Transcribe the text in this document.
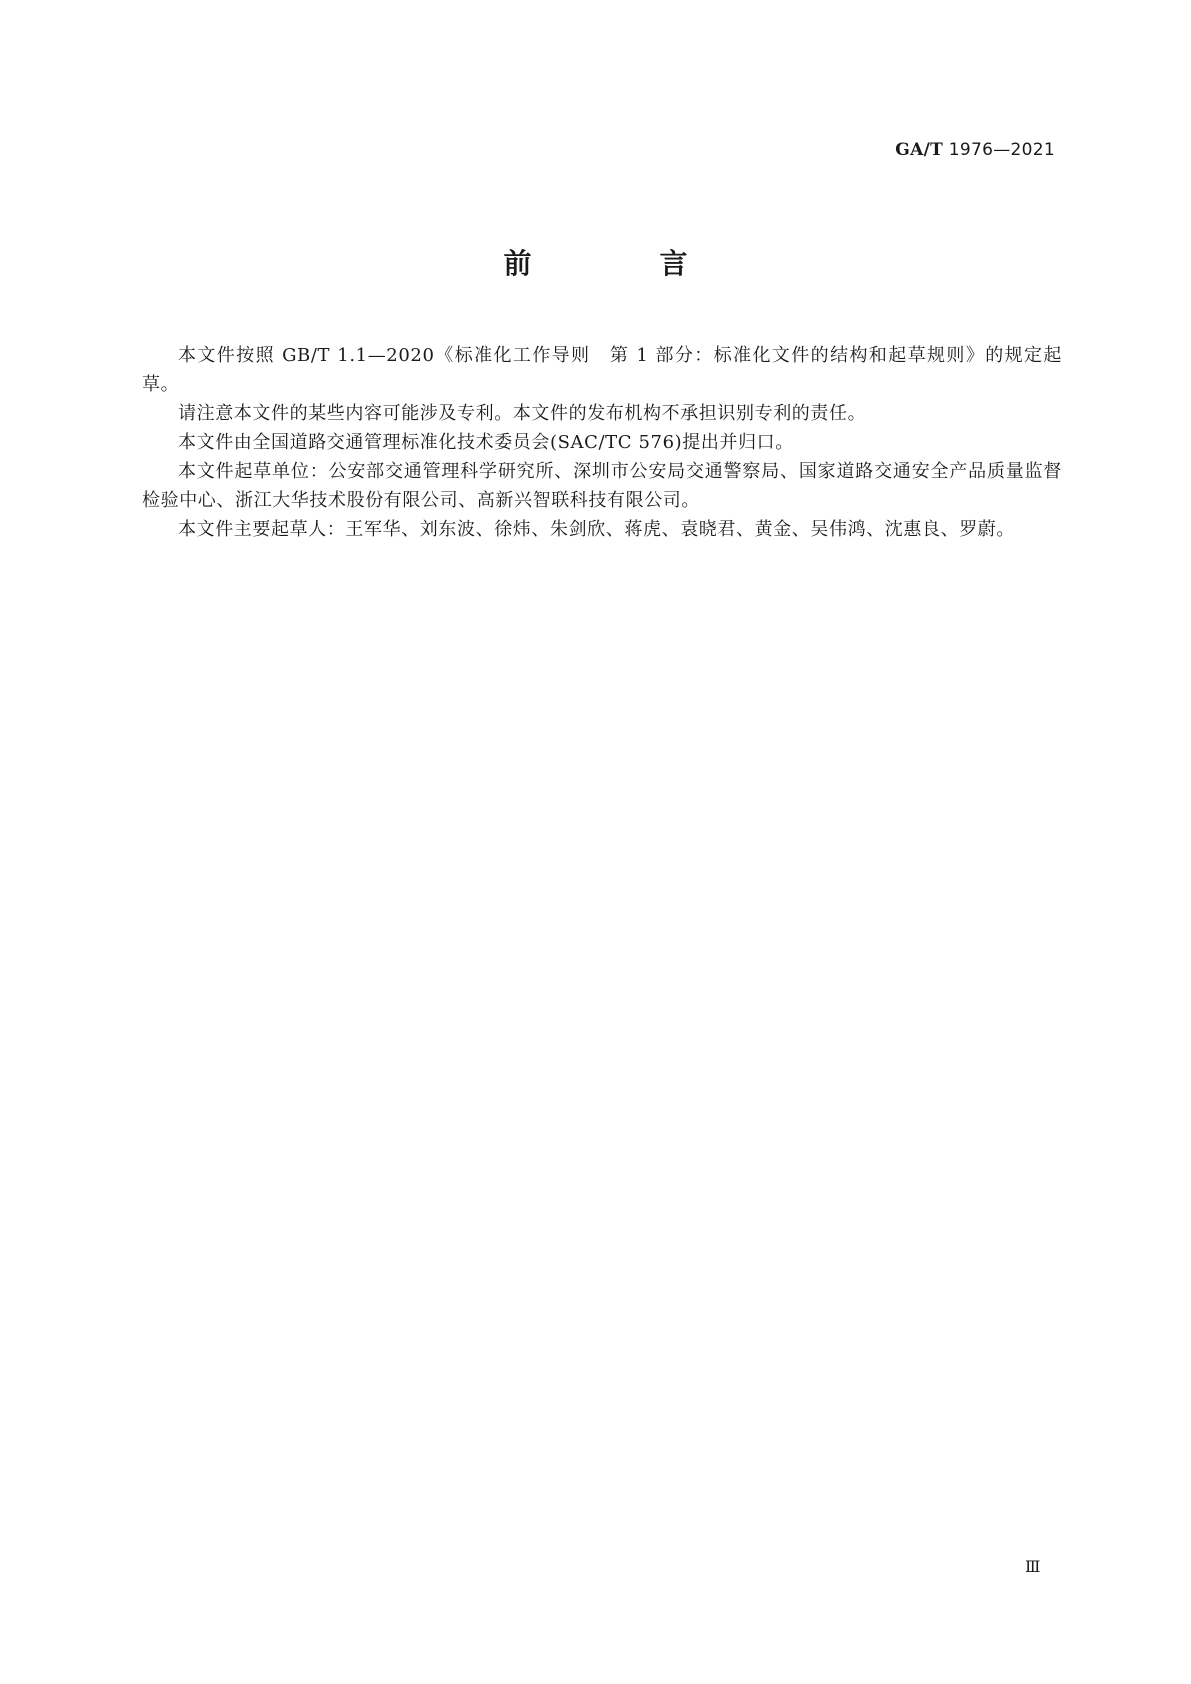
GA/T 1976—2021
前　言

本文件按照 GB/T 1.1—2020《标准化工作导则　第 1 部分：标准化文件的结构和起草规则》的规定起草。

请注意本文件的某些内容可能涉及专利。本文件的发布机构不承担识别专利的责任。

本文件由全国道路交通管理标准化技术委员会(SAC/TC 576)提出并归口。

本文件起草单位：公安部交通管理科学研究所、深圳市公安局交通警察局、国家道路交通安全产品质量监督检验中心、浙江大华技术股份有限公司、高新兴智联科技有限公司。

本文件主要起草人：王军华、刘东波、徐炜、朱剑欣、蒋虎、袁晓君、黄金、吴伟鸿、沈惠良、罗蔚。

Ⅲ
